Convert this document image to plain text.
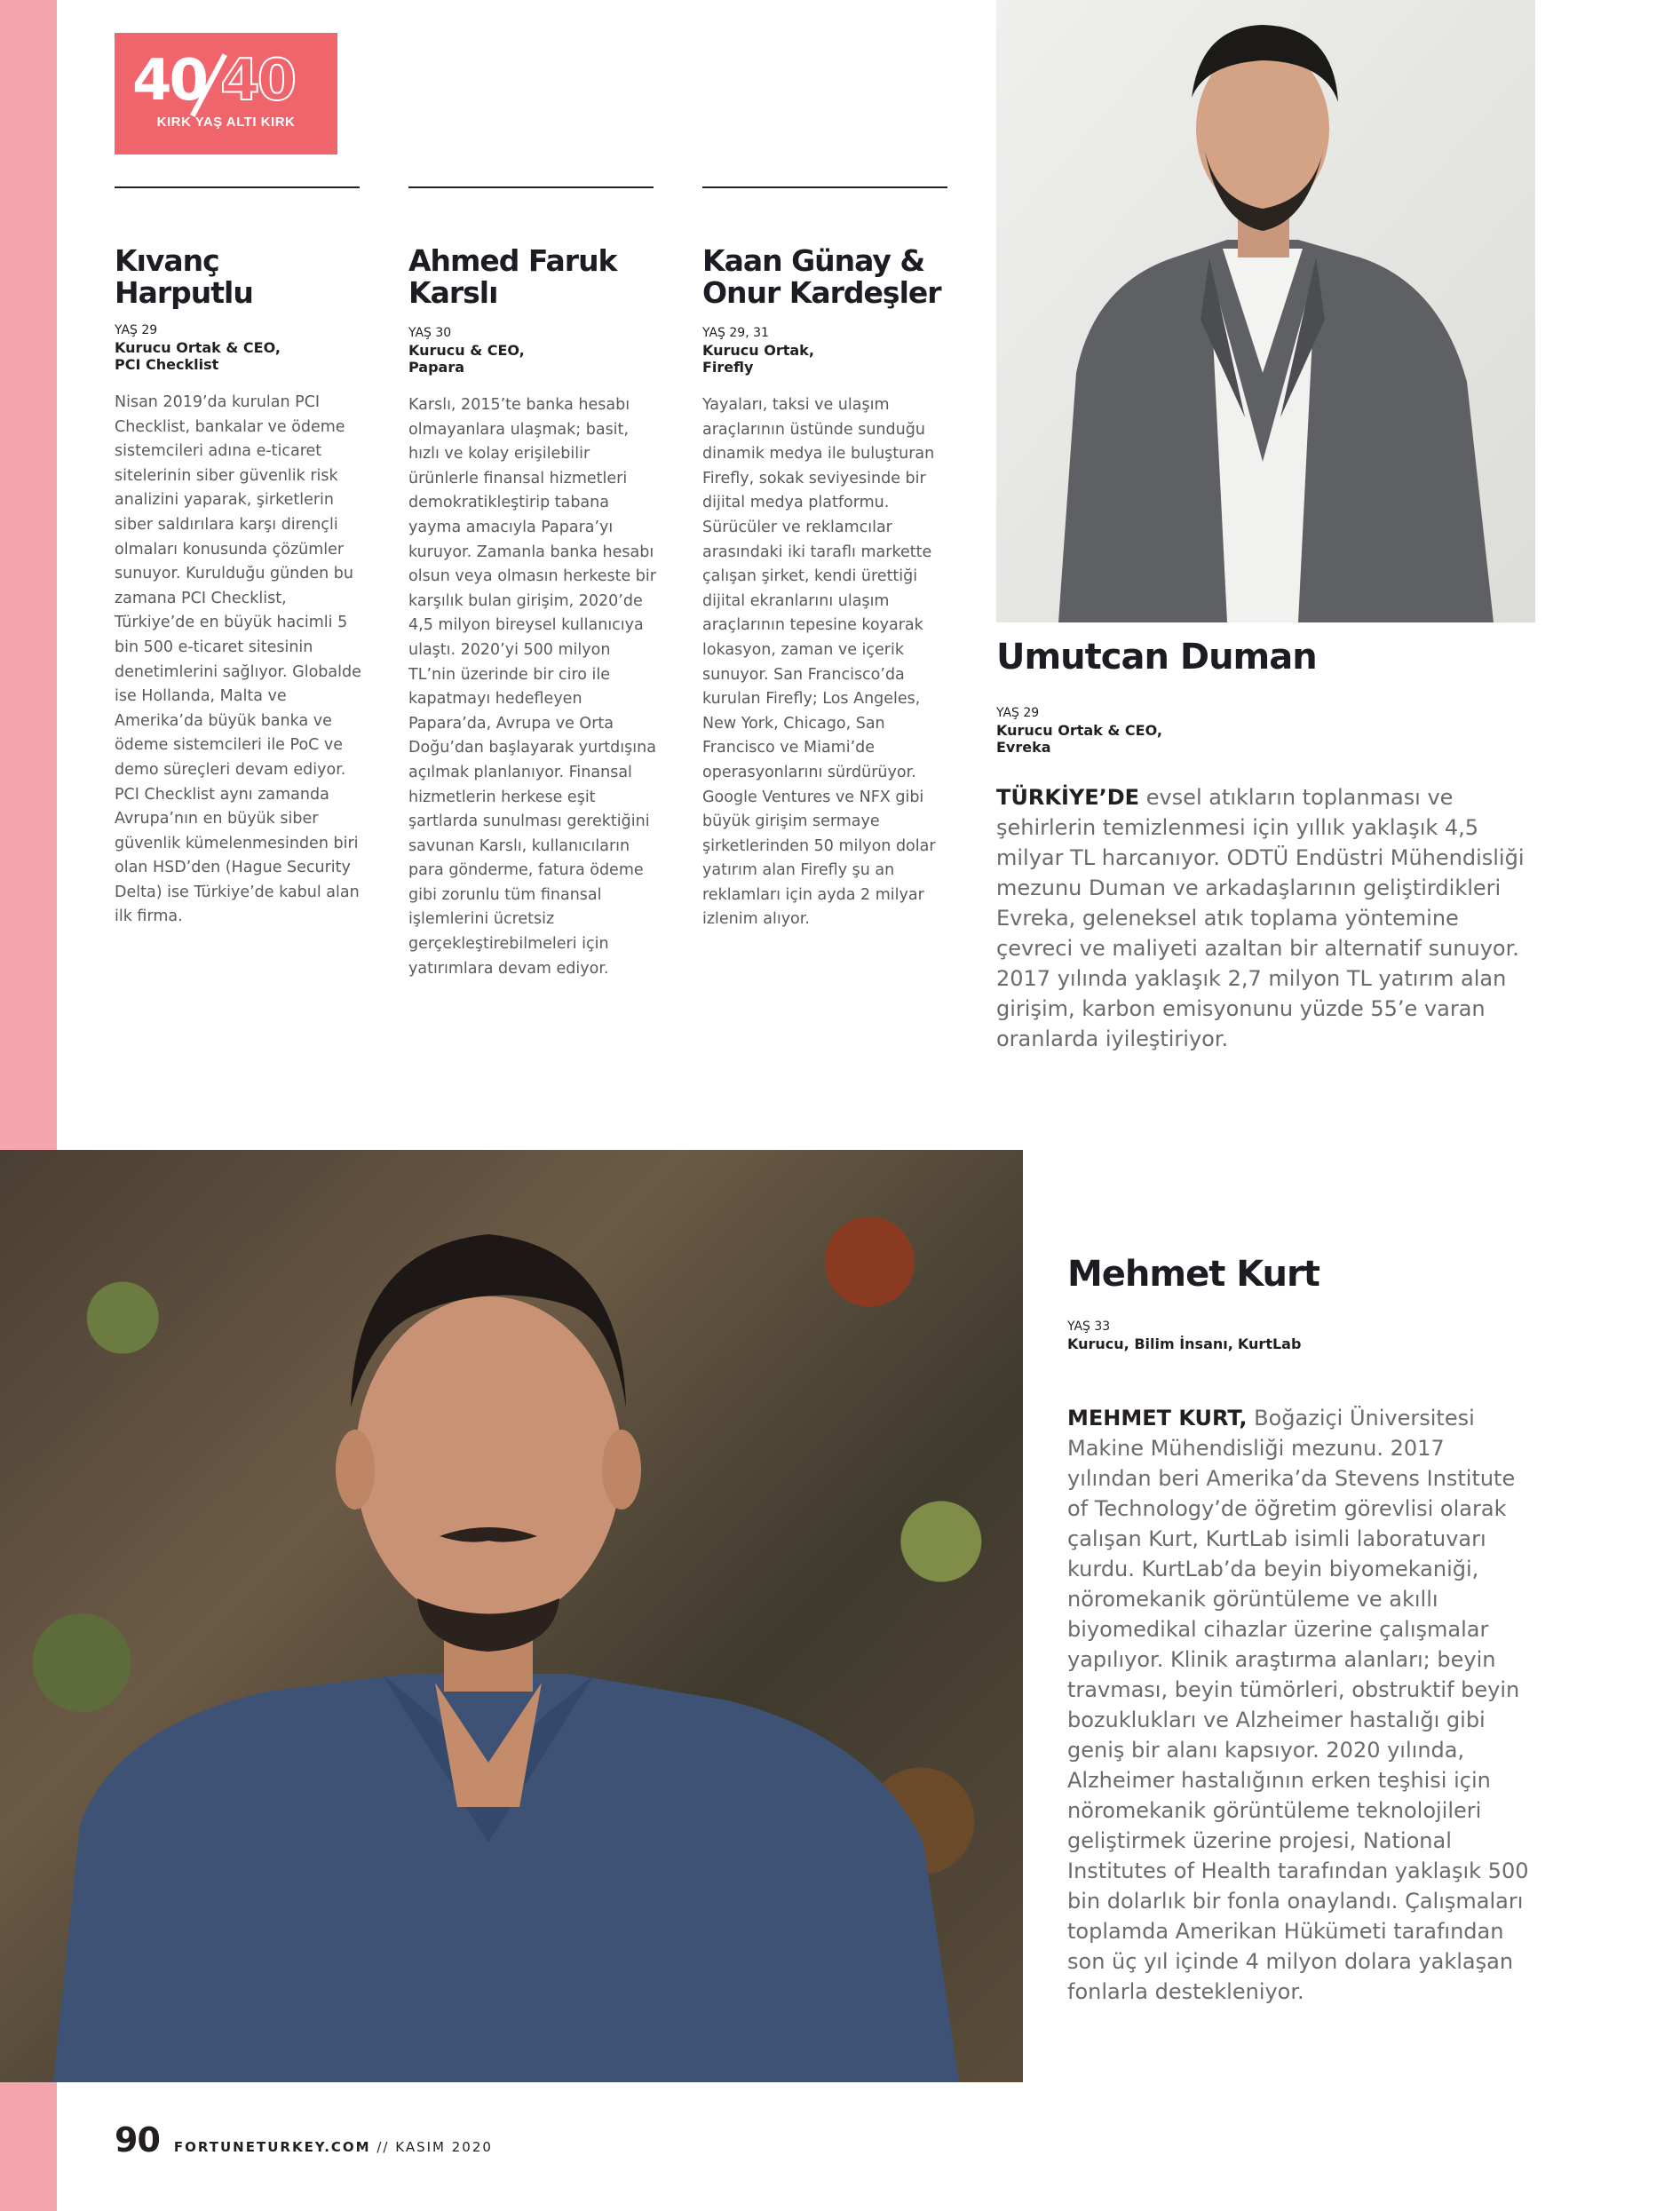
40 40
KIRK YAŞ ALTI KIRK
Kıvanç Harputlu
YAŞ 29
Kurucu Ortak & CEO,
PCI Checklist
Nisan 2019’da kurulan PCI Checklist, bankalar ve ödeme sistemcileri adına e-ticaret sitelerinin siber güvenlik risk analizini yaparak, şirketlerin siber saldırılara karşı dirençli olmaları konusunda çözümler sunuyor. Kurulduğu günden bu zamana PCI Checklist, Türkiye’de en büyük hacimli 5 bin 500 e-ticaret sitesinin denetimlerini sağlıyor. Globalde ise Hollanda, Malta ve Amerika’da büyük banka ve ödeme sistemcileri ile PoC ve demo süreçleri devam ediyor. PCI Checklist aynı zamanda Avrupa’nın en büyük siber güvenlik kümelenmesinden biri olan HSD’den (Hague Security Delta) ise Türkiye’de kabul alan ilk firma.
Ahmed Faruk Karslı
YAŞ 30
Kurucu & CEO,
Papara
Karslı, 2015’te banka hesabı olmayanlara ulaşmak; basit, hızlı ve kolay erişilebilir ürünlerle finansal hizmetleri demokratikleştirip tabana yayma amacıyla Papara’yı kuruyor. Zamanla banka hesabı olsun veya olmasın herkeste bir karşılık bulan girişim, 2020’de 4,5 milyon bireysel kullanıcıya ulaştı. 2020’yi 500 milyon TL’nin üzerinde bir ciro ile kapatmayı hedefleyen Papara’da, Avrupa ve Orta Doğu’dan başlayarak yurtdışına açılmak planlanıyor. Finansal hizmetlerin herkese eşit şartlarda sunulması gerektiğini savunan Karslı, kullanıcıların para gönderme, fatura ödeme gibi zorunlu tüm finansal işlemlerini ücretsiz gerçekleştirebilmeleri için yatırımlara devam ediyor.
Kaan Günay & Onur Kardeşler
YAŞ 29, 31
Kurucu Ortak,
Firefly
Yayaları, taksi ve ulaşım araçlarının üstünde sunduğu dinamik medya ile buluşturan Firefly, sokak seviyesinde bir dijital medya platformu. Sürücüler ve reklamcılar arasındaki iki taraflı markette çalışan şirket, kendi ürettiği dijital ekranlarını ulaşım araçlarının tepesine koyarak lokasyon, zaman ve içerik sunuyor. San Francisco’da kurulan Firefly; Los Angeles, New York, Chicago, San Francisco ve Miami’de operasyonlarını sürdürüyor. Google Ventures ve NFX gibi büyük girişim sermaye şirketlerinden 50 milyon dolar yatırım alan Firefly şu an reklamları için ayda 2 milyar izlenim alıyor.
Umutcan Duman
YAŞ 29
Kurucu Ortak & CEO,
Evreka

TÜRKİYE’DE evsel atıkların toplanması ve şehirlerin temizlenmesi için yıllık yaklaşık 4,5 milyar TL harcanıyor. ODTÜ Endüstri Mühendisliği mezunu Duman ve arkadaşlarının geliştirdikleri Evreka, geleneksel atık toplama yöntemine çevreci ve maliyeti azaltan bir alternatif sunuyor. 2017 yılında yaklaşık 2,7 milyon TL yatırım alan girişim, karbon emisyonunu yüzde 55’e varan oranlarda iyileştiriyor.

Mehmet Kurt
YAŞ 33
Kurucu, Bilim İnsanı, KurtLab

MEHMET KURT, Boğaziçi Üniversitesi Makine Mühendisliği mezunu. 2017 yılından beri Amerika’da Stevens Institute of Technology’de öğretim görevlisi olarak çalışan Kurt, KurtLab isimli laboratuvarı kurdu. KurtLab’da beyin biyomekaniği, nöromekanik görüntüleme ve akıllı biyomedikal cihazlar üzerine çalışmalar yapılıyor. Klinik araştırma alanları; beyin travması, beyin tümörleri, obstruktif beyin bozuklukları ve Alzheimer hastalığı gibi geniş bir alanı kapsıyor. 2020 yılında, Alzheimer hastalığının erken teşhisi için nöromekanik görüntüleme teknolojileri geliştirmek üzerine projesi, National Institutes of Health tarafından yaklaşık 500 bin dolarlık bir fonla onaylandı. Çalışmaları toplamda Amerikan Hükümeti tarafından son üç yıl içinde 4 milyon dolara yaklaşan fonlarla destekleniyor.

90 FORTUNETURKEY.COM // KASIM 2020
